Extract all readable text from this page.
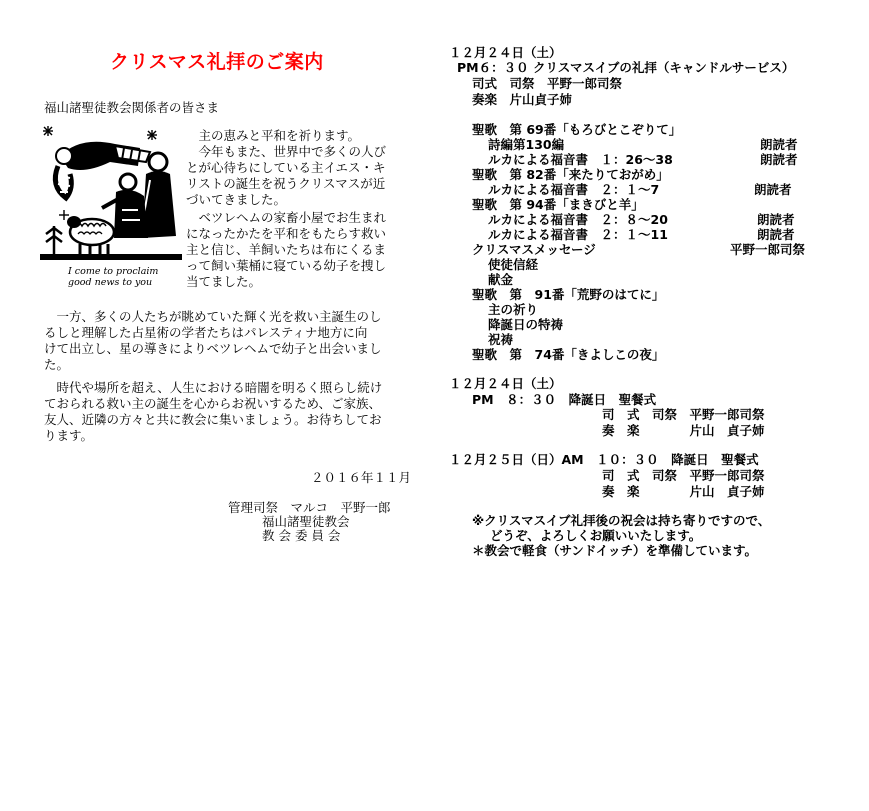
クリスマス礼拝のご案内
福山諸聖徒教会関係者の皆さま
I come to proclaim
good news to you
　主の恵みと平和を祈ります。
　今年もまた、世界中で多くの人び
とが心待ちにしている主イエス・キ
リストの誕生を祝うクリスマスが近
づいてきました。
　ベツレヘムの家畜小屋でお生まれ
になったかたを平和をもたらす救い
主と信じ、羊飼いたちは布にくるま
って飼い葉桶に寝ている幼子を捜し
当てました。
　一方、多くの人たちが眺めていた輝く光を救い主誕生のし
るしと理解した占星術の学者たちはパレスティナ地方に向
けて出立し、星の導きによりベツレヘムで幼子と出会いまし
た。
　時代や場所を超え、人生における暗闇を明るく照らし続け
ておられる救い主の誕生を心からお祝いするため、ご家族、
友人、近隣の方々と共に教会に集いましょう。お待ちしてお
ります。
２０１６年１１月
管理司祭　マルコ　平野一郎
福山諸聖徒教会
教 会 委 員 会
１２月２４日（土）
PM６：３０ クリスマスイブの礼拝（キャンドルサービス）
司式　司祭　平野一郎司祭
奏楽　片山貞子姉
聖歌　第 69番「もろびとこぞりて」
詩編第130編	朗読者
ルカによる福音書　１：26～38	朗読者
聖歌　第 82番「来たりておがめ」
ルカによる福音書　２：１～7	朗読者
聖歌　第 94番「まきびと羊」
ルカによる福音書　２：８～20	朗読者
ルカによる福音書　２：１～11	朗読者
クリスマスメッセージ	平野一郎司祭
使徒信経
献金
聖歌　第　91番「荒野のはてに」
主の祈り
降誕日の特祷
祝祷
聖歌　第　74番「きよしこの夜」
１２月２４日（土）
PM　８：３０　降誕日　聖餐式
司　式　司祭　平野一郎司祭
奏　楽　　　　片山　貞子姉
１２月２５日（日）AM　１０：３０　降誕日　聖餐式
司　式　司祭　平野一郎司祭
奏　楽　　　　片山　貞子姉
※クリスマスイブ礼拝後の祝会は持ち寄りですので、
どうぞ、よろしくお願いいたします。
＊教会で軽食（サンドイッチ）を準備しています。
